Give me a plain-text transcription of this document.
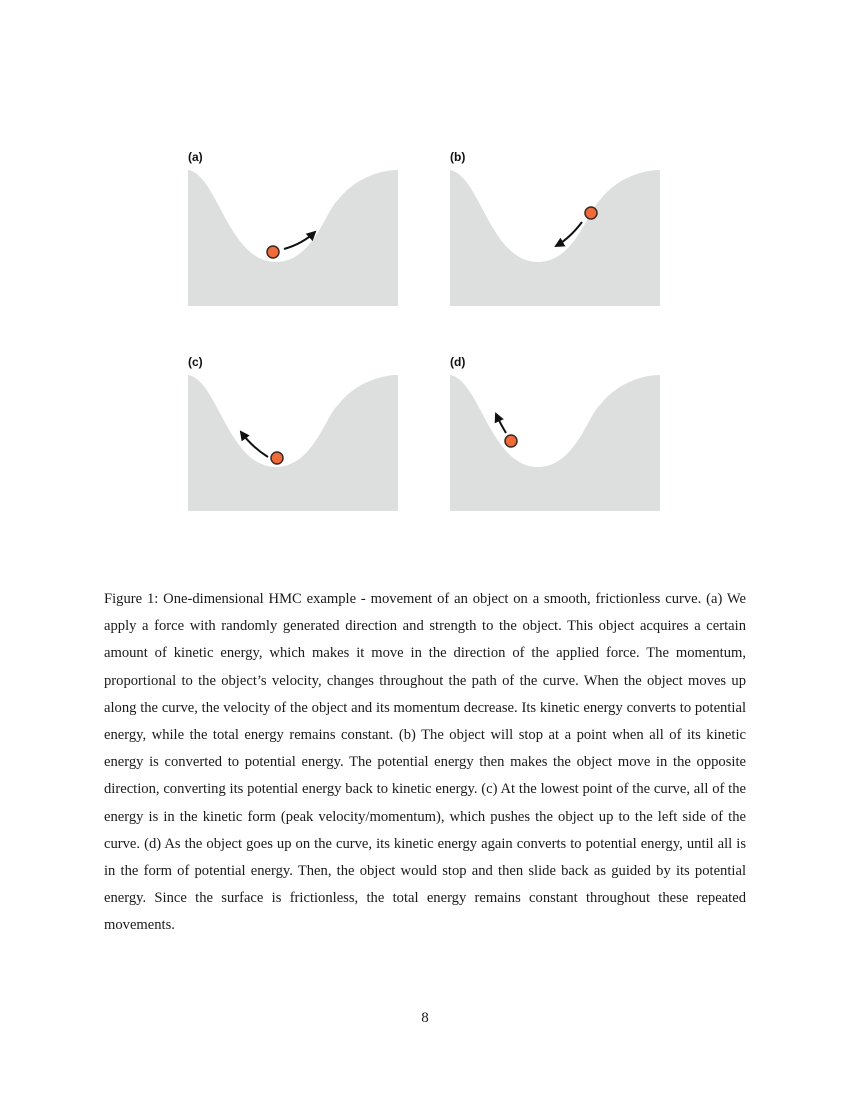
(a)	(b)
(c)	(d)

Figure 1: One-dimensional HMC example - movement of an object on a smooth, frictionless curve. (a) We apply a force with randomly generated direction and strength to the object. This object acquires a certain amount of kinetic energy, which makes it move in the direction of the applied force. The momentum, proportional to the object’s velocity, changes throughout the path of the curve. When the object moves up along the curve, the velocity of the object and its momentum decrease. Its kinetic energy converts to potential energy, while the total energy remains constant. (b) The object will stop at a point when all of its kinetic energy is converted to potential energy. The potential energy then makes the object move in the opposite direction, converting its potential energy back to kinetic energy. (c) At the lowest point of the curve, all of the energy is in the kinetic form (peak velocity/momentum), which pushes the object up to the left side of the curve. (d) As the object goes up on the curve, its kinetic energy again converts to potential energy, until all is in the form of potential energy. Then, the object would stop and then slide back as guided by its potential energy. Since the surface is frictionless, the total energy remains constant throughout these repeated movements.

8
